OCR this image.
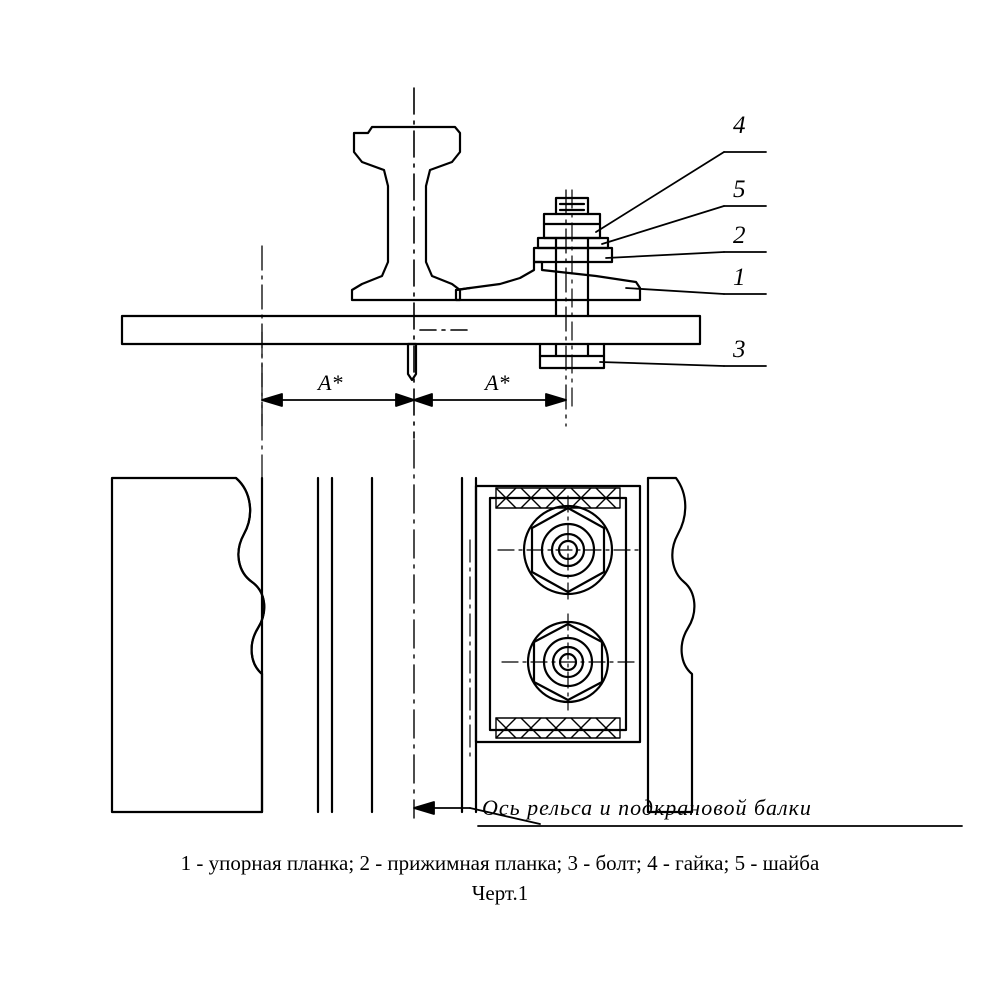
4
5
2
1
3
A*	A*
Ось рельса и подкрановой балки
1 - упорная планка; 2 - прижимная планка; 3 - болт; 4 - гайка; 5 - шайба
Черт.1
